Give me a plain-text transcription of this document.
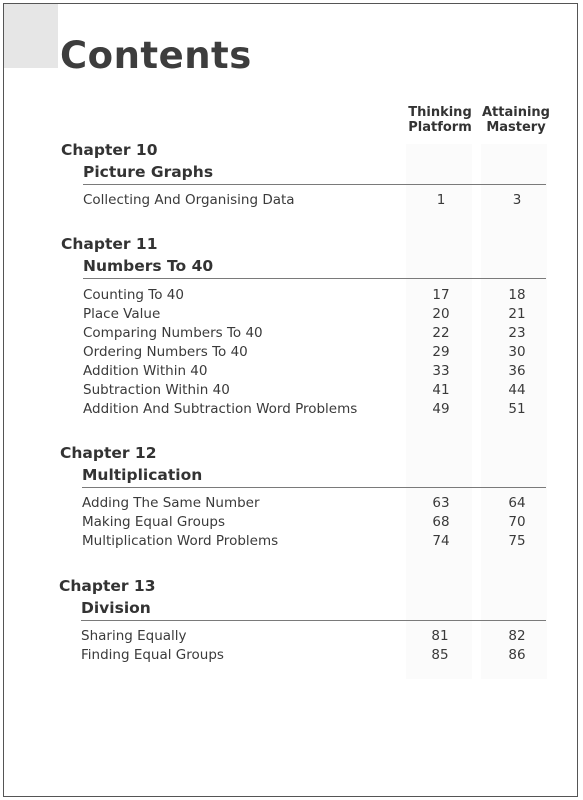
Contents
Thinking
Platform
Attaining
Mastery
Chapter 10
Picture Graphs
Collecting And Organising Data	1	3
Chapter 11
Numbers To 40
Counting To 40	17	18
Place Value	20	21
Comparing Numbers To 40	22	23
Ordering Numbers To 40	29	30
Addition Within 40	33	36
Subtraction Within 40	41	44
Addition And Subtraction Word Problems	49	51
Chapter 12
Multiplication
Adding The Same Number	63	64
Making Equal Groups	68	70
Multiplication Word Problems	74	75
Chapter 13
Division
Sharing Equally	81	82
Finding Equal Groups	85	86
